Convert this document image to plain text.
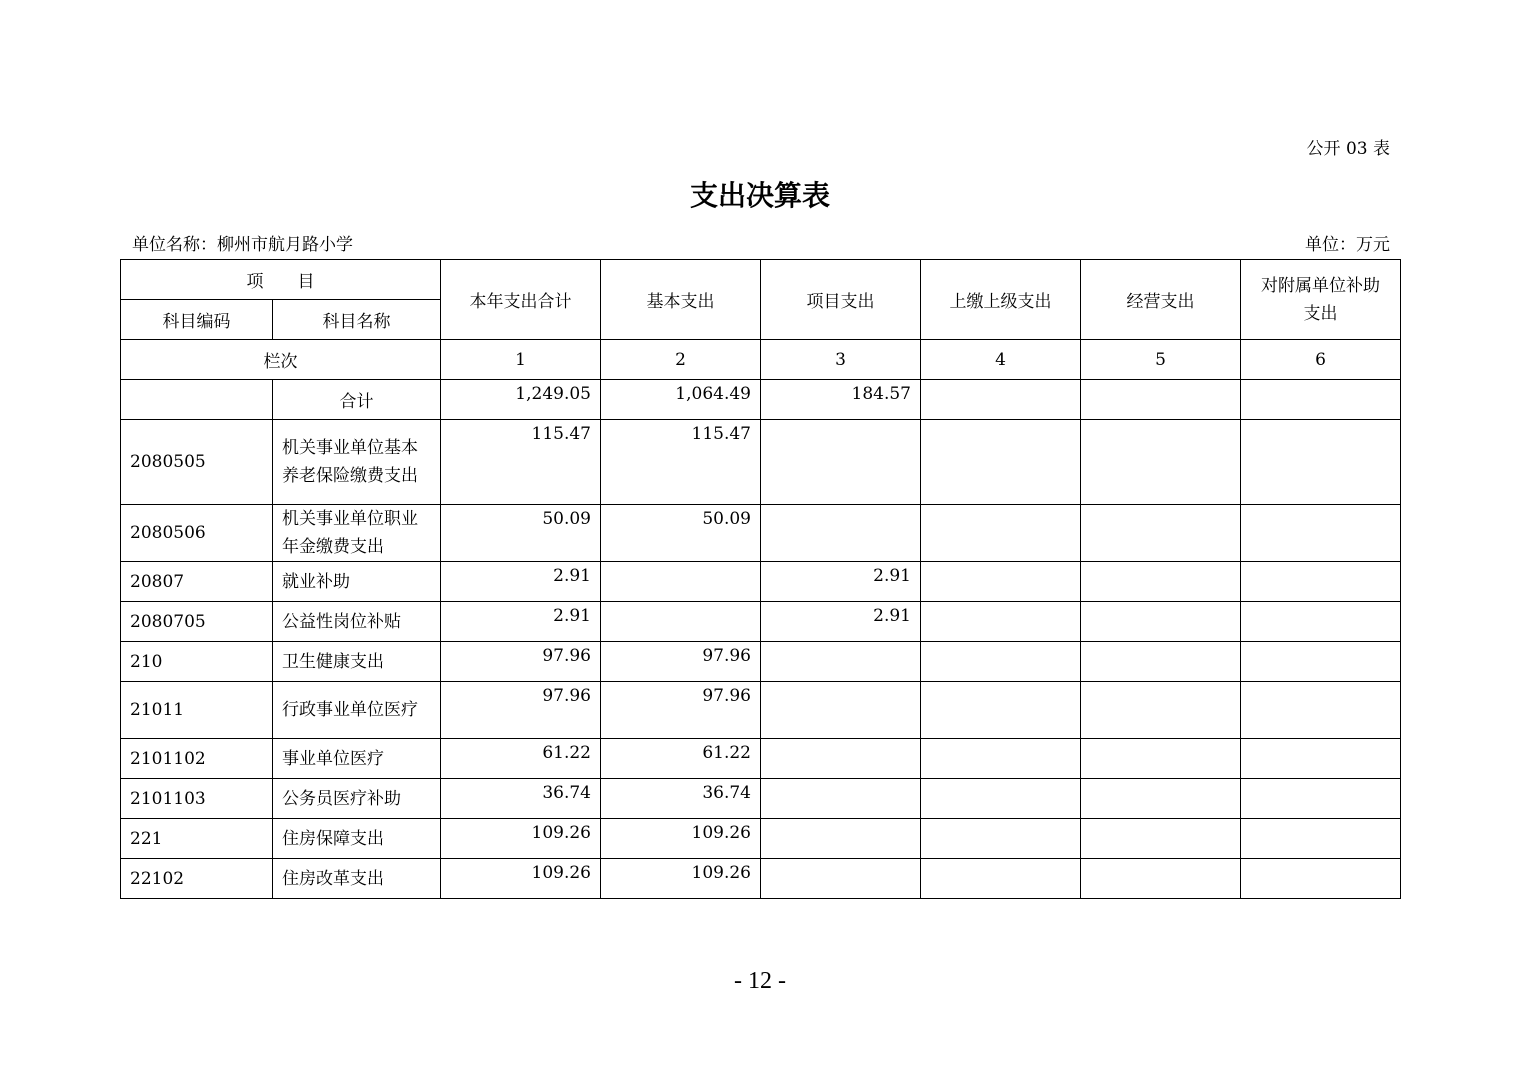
公开 03 表
支出决算表
单位名称：柳州市航月路小学	单位：万元
项　　目		本年支出合计	基本支出	项目支出	上缴上级支出	经营支出	对附属单位补助支出
科目编码	科目名称						
栏次		1	2	3	4	5	6
	合计	1,249.05	1,064.49	184.57			
2080505	机关事业单位基本养老保险缴费支出	115.47	115.47				
2080506	机关事业单位职业年金缴费支出	50.09	50.09				
20807	就业补助	2.91		2.91			
2080705	公益性岗位补贴	2.91		2.91			
210	卫生健康支出	97.96	97.96				
21011	行政事业单位医疗	97.96	97.96				
2101102	事业单位医疗	61.22	61.22				
2101103	公务员医疗补助	36.74	36.74				
221	住房保障支出	109.26	109.26				
22102	住房改革支出	109.26	109.26				
- 12 -
